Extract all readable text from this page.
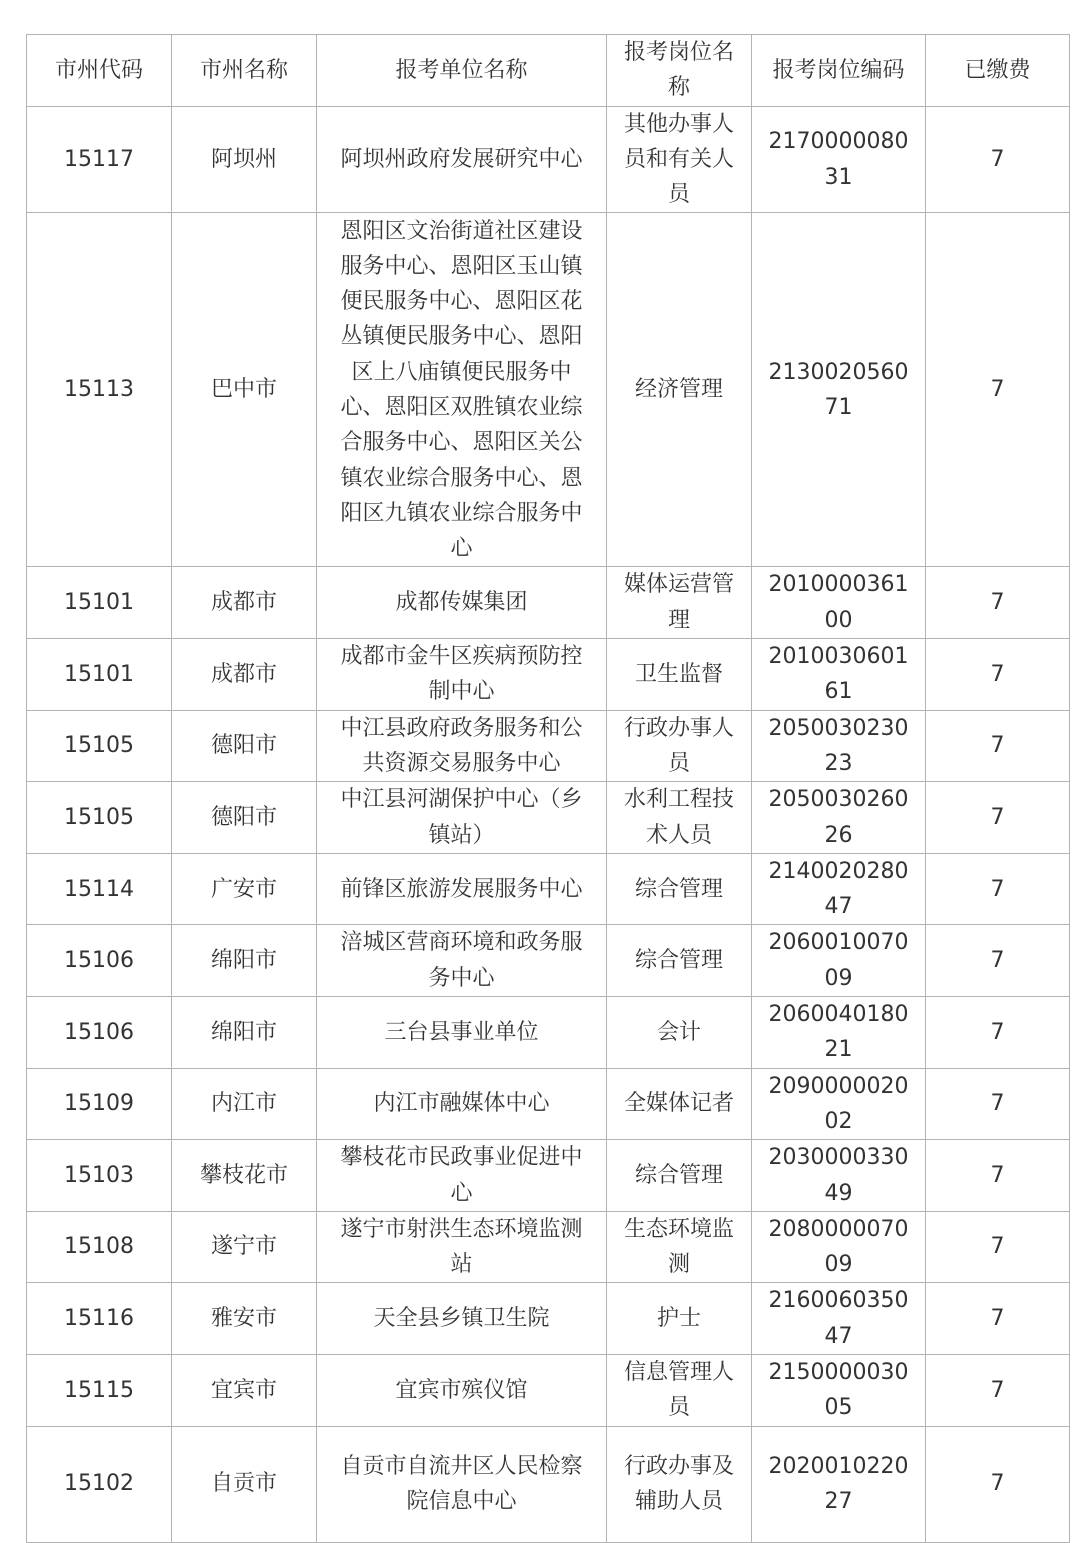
市州代码	市州名称	报考单位名称	报考岗位名称	报考岗位编码	已缴费
15117	阿坝州	阿坝州政府发展研究中心	其他办事人员和有关人员	217000008031	7
15113	巴中市	恩阳区文治街道社区建设服务中心、恩阳区玉山镇便民服务中心、恩阳区花丛镇便民服务中心、恩阳区上八庙镇便民服务中心、恩阳区双胜镇农业综合服务中心、恩阳区关公镇农业综合服务中心、恩阳区九镇农业综合服务中心	经济管理	213002056071	7
15101	成都市	成都传媒集团	媒体运营管理	201000036100	7
15101	成都市	成都市金牛区疾病预防控制中心	卫生监督	201003060161	7
15105	德阳市	中江县政府政务服务和公共资源交易服务中心	行政办事人员	205003023023	7
15105	德阳市	中江县河湖保护中心（乡镇站）	水利工程技术人员	205003026026	7
15114	广安市	前锋区旅游发展服务中心	综合管理	214002028047	7
15106	绵阳市	涪城区营商环境和政务服务中心	综合管理	206001007009	7
15106	绵阳市	三台县事业单位	会计	206004018021	7
15109	内江市	内江市融媒体中心	全媒体记者	209000002002	7
15103	攀枝花市	攀枝花市民政事业促进中心	综合管理	203000033049	7
15108	遂宁市	遂宁市射洪生态环境监测站	生态环境监测	208000007009	7
15116	雅安市	天全县乡镇卫生院	护士	216006035047	7
15115	宜宾市	宜宾市殡仪馆	信息管理人员	215000003005	7
15102	自贡市	自贡市自流井区人民检察院信息中心	行政办事及辅助人员	202001022027	7
